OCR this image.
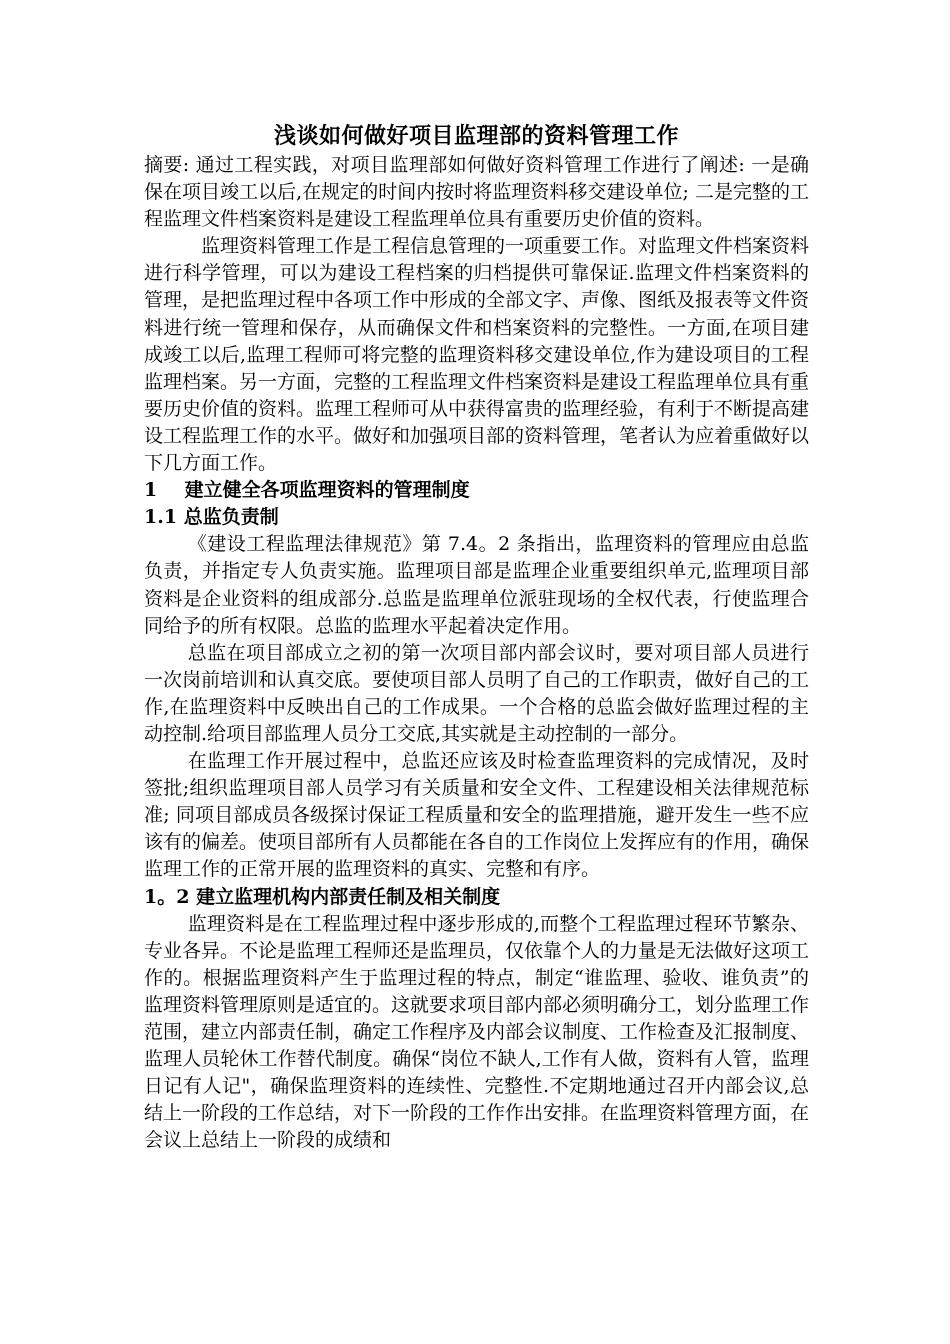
浅谈如何做好项目监理部的资料管理工作

摘要: 通过工程实践，对项目监理部如何做好资料管理工作进行了阐述: 一是确保在项目竣工以后,在规定的时间内按时将监理资料移交建设单位; 二是完整的工程监理文件档案资料是建设工程监理单位具有重要历史价值的资料。

监理资料管理工作是工程信息管理的一项重要工作。对监理文件档案资料进行科学管理，可以为建设工程档案的归档提供可靠保证.监理文件档案资料的管理，是把监理过程中各项工作中形成的全部文字、声像、图纸及报表等文件资料进行统一管理和保存，从而确保文件和档案资料的完整性。一方面,在项目建成竣工以后,监理工程师可将完整的监理资料移交建设单位,作为建设项目的工程监理档案。另一方面，完整的工程监理文件档案资料是建设工程监理单位具有重要历史价值的资料。监理工程师可从中获得富贵的监理经验，有利于不断提高建设工程监理工作的水平。做好和加强项目部的资料管理，笔者认为应着重做好以下几方面工作。

1 建立健全各项监理资料的管理制度
1.1 总监负责制

《建设工程监理法律规范》第 7.4。2 条指出，监理资料的管理应由总监负责，并指定专人负责实施。监理项目部是监理企业重要组织单元,监理项目部资料是企业资料的组成部分.总监是监理单位派驻现场的全权代表，行使监理合同给予的所有权限。总监的监理水平起着决定作用。

总监在项目部成立之初的第一次项目部内部会议时，要对项目部人员进行一次岗前培训和认真交底。要使项目部人员明了自己的工作职责，做好自己的工作,在监理资料中反映出自己的工作成果。一个合格的总监会做好监理过程的主动控制.给项目部监理人员分工交底,其实就是主动控制的一部分。

在监理工作开展过程中，总监还应该及时检查监理资料的完成情况，及时签批;组织监理项目部人员学习有关质量和安全文件、工程建设相关法律规范标准; 同项目部成员各级探讨保证工程质量和安全的监理措施，避开发生一些不应该有的偏差。使项目部所有人员都能在各自的工作岗位上发挥应有的作用，确保监理工作的正常开展的监理资料的真实、完整和有序。

1。2 建立监理机构内部责任制及相关制度

监理资料是在工程监理过程中逐步形成的,而整个工程监理过程环节繁杂、专业各异。不论是监理工程师还是监理员，仅依靠个人的力量是无法做好这项工作的。根据监理资料产生于监理过程的特点，制定“谁监理、验收、谁负责”的监理资料管理原则是适宜的。这就要求项目部内部必须明确分工，划分监理工作范围，建立内部责任制，确定工作程序及内部会议制度、工作检查及汇报制度、监理人员轮休工作替代制度。确保“岗位不缺人,工作有人做，资料有人管，监理日记有人记"，确保监理资料的连续性、完整性.不定期地通过召开内部会议,总结上一阶段的工作总结，对下一阶段的工作作出安排。在监理资料管理方面，在会议上总结上一阶段的成绩和
